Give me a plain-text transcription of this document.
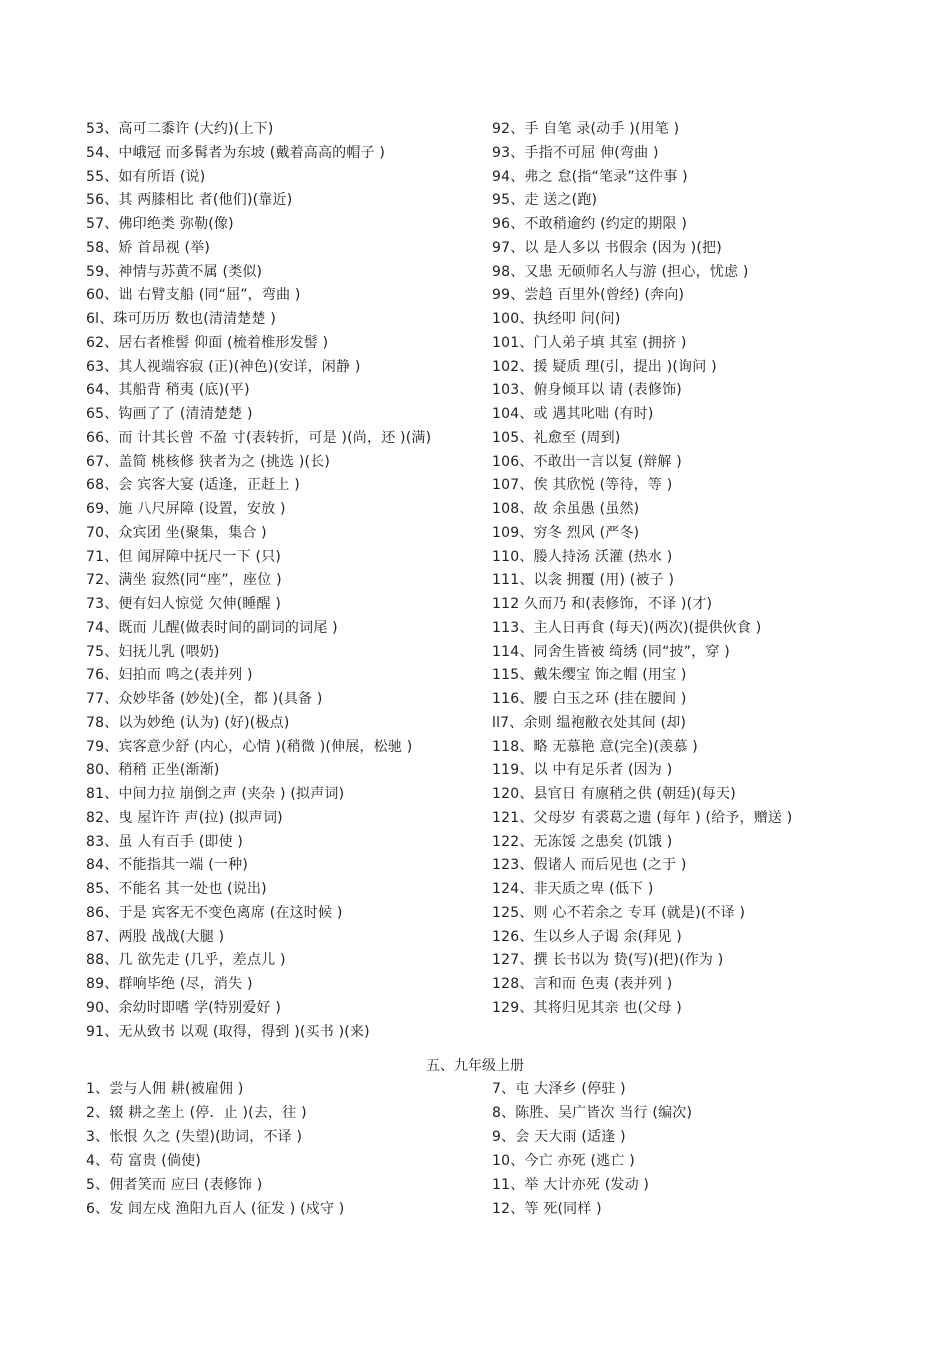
53、高可二黍许 (大约)(上下)
54、中峨冠 而多髯者为东坡 (戴着高高的帽子 )
55、如有所语 (说)
56、其 两膝相比 者(他们)(靠近)
57、佛印绝类 弥勒(像)
58、矫 首昂视 (举)
59、神情与苏黄不属 (类似)
60、诎 右臂支船 (同“屈”，弯曲 )
6l、珠可历历 数也(清清楚楚 )
62、居右者椎髻 仰面 (梳着椎形发髻 )
63、其人视端容寂 (正)(神色)(安详，闲静 )
64、其船背 稍夷 (底)(平)
65、钩画了了 (清清楚楚 )
66、而 计其长曾 不盈 寸(表转折，可是 )(尚，还 )(满)
67、盖简 桃核修 狭者为之 (挑选 )(长)
68、会 宾客大宴 (适逢，正赶上 )
69、施 八尺屏障 (设置，安放 )
70、众宾团 坐(聚集，集合 )
71、但 闻屏障中抚尺一下 (只)
72、满坐 寂然(同“座”，座位 )
73、便有妇人惊觉 欠伸(睡醒 )
74、既而 儿醒(做表时间的副词的词尾 )
75、妇抚儿乳 (喂奶)
76、妇拍而 鸣之(表并列 )
77、众妙毕备 (妙处)(全，都 )(具备 )
78、以为妙绝 (认为) (好)(极点)
79、宾客意少舒 (内心，心情 )(稍微 )(伸展，松驰 )
80、稍稍 正坐(渐渐)
81、中间力拉 崩倒之声 (夹杂 ) (拟声词)
82、曳 屋许许 声(拉) (拟声词)
83、虽 人有百手 (即使 )
84、不能指其一端 (一种)
85、不能名 其一处也 (说出)
86、于是 宾客无不变色离席 (在这时候 )
87、两股 战战(大腿 )
88、几 欲先走 (几乎，差点儿 )
89、群响毕绝 (尽，消失 )
90、余幼时即嗜 学(特别爱好 )
91、无从致书 以观 (取得，得到 )(买书 )(来)
92、手 自笔 录(动手 )(用笔 )
93、手指不可屈 伸(弯曲 )
94、弗之 怠(指“笔录”这件事 )
95、走 送之(跑)
96、不敢稍逾约 (约定的期限 )
97、以 是人多以 书假余 (因为 )(把)
98、又患 无硕师名人与游 (担心，忧虑 )
99、尝趋 百里外(曾经) (奔向)
100、执经叩 问(问)
101、门人弟子填 其室 (拥挤 )
102、援 疑质 理(引，提出 )(询问 )
103、俯身倾耳以 请 (表修饰)
104、或 遇其叱咄 (有时)
105、礼愈至 (周到)
106、不敢出一言以复 (辩解 )
107、俟 其欣悦 (等待，等 )
108、故 余虽愚 (虽然)
109、穷冬 烈风 (严冬)
110、媵人持汤 沃灌 (热水 )
111、以衾 拥覆 (用) (被子 )
112 久而乃 和(表修饰，不译 )(才)
113、主人日再食 (每天)(两次)(提供伙食 )
114、同舍生皆被 绮绣 (同“披”，穿 )
115、戴朱缨宝 饰之帽 (用宝 )
116、腰 白玉之环 (挂在腰间 )
ll7、余则 缊袍敝衣处其间 (却)
118、略 无慕艳 意(完全)(羡慕 )
119、以 中有足乐者 (因为 )
120、县官日 有廪稍之供 (朝廷)(每天)
121、父母岁 有裘葛之遗 (每年 ) (给予，赠送 )
122、无冻馁 之患矣 (饥饿 )
123、假诸人 而后见也 (之于 )
124、非天质之卑 (低下 )
125、则 心不若余之 专耳 (就是)(不译 )
126、生以乡人子谒 余(拜见 )
127、撰 长书以为 贽(写)(把)(作为 )
128、言和而 色夷 (表并列 )
129、其将归见其亲 也(父母 )
五、九年级上册
1、尝与人佣 耕(被雇佣 )
2、辍 耕之垄上 (停．止 )(去，往 )
3、怅恨 久之 (失望)(助词，不译 )
4、苟 富贵 (倘使)
5、佣者笑而 应曰 (表修饰 )
6、发 闾左戍 渔阳九百人 (征发 ) (戍守 )
7、屯 大泽乡 (停驻 )
8、陈胜、吴广皆次 当行 (编次)
9、会 天大雨 (适逢 )
10、今亡 亦死 (逃亡 )
11、举 大计亦死 (发动 )
12、等 死(同样 )
